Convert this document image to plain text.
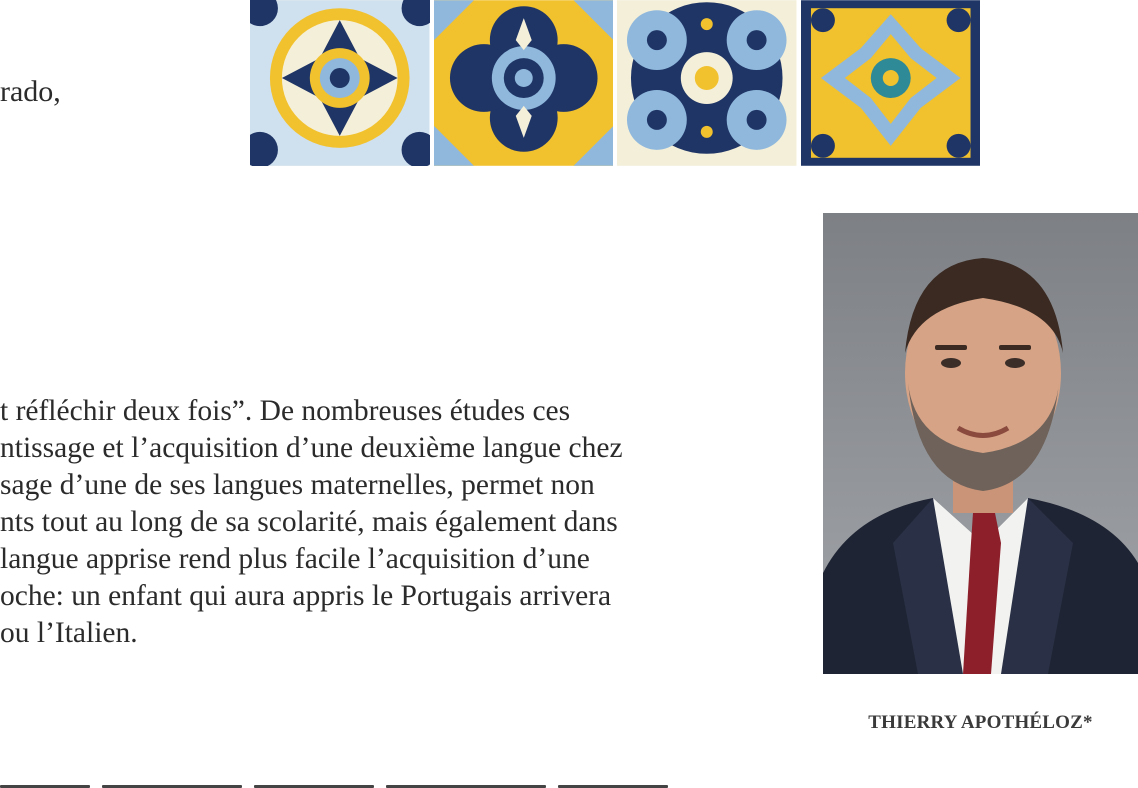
rado,
THIERRY APOTHÉLOZ*
t réfléchir deux fois”. De nombreuses études ces
ntissage et l’acquisition d’une deuxième langue chez
sage d’une de ses langues maternelles, permet non
nts tout au long de sa scolarité, mais également dans
langue apprise rend plus facile l’acquisition d’une
oche: un enfant qui aura appris le Portugais arrivera
ou l’Italien.
